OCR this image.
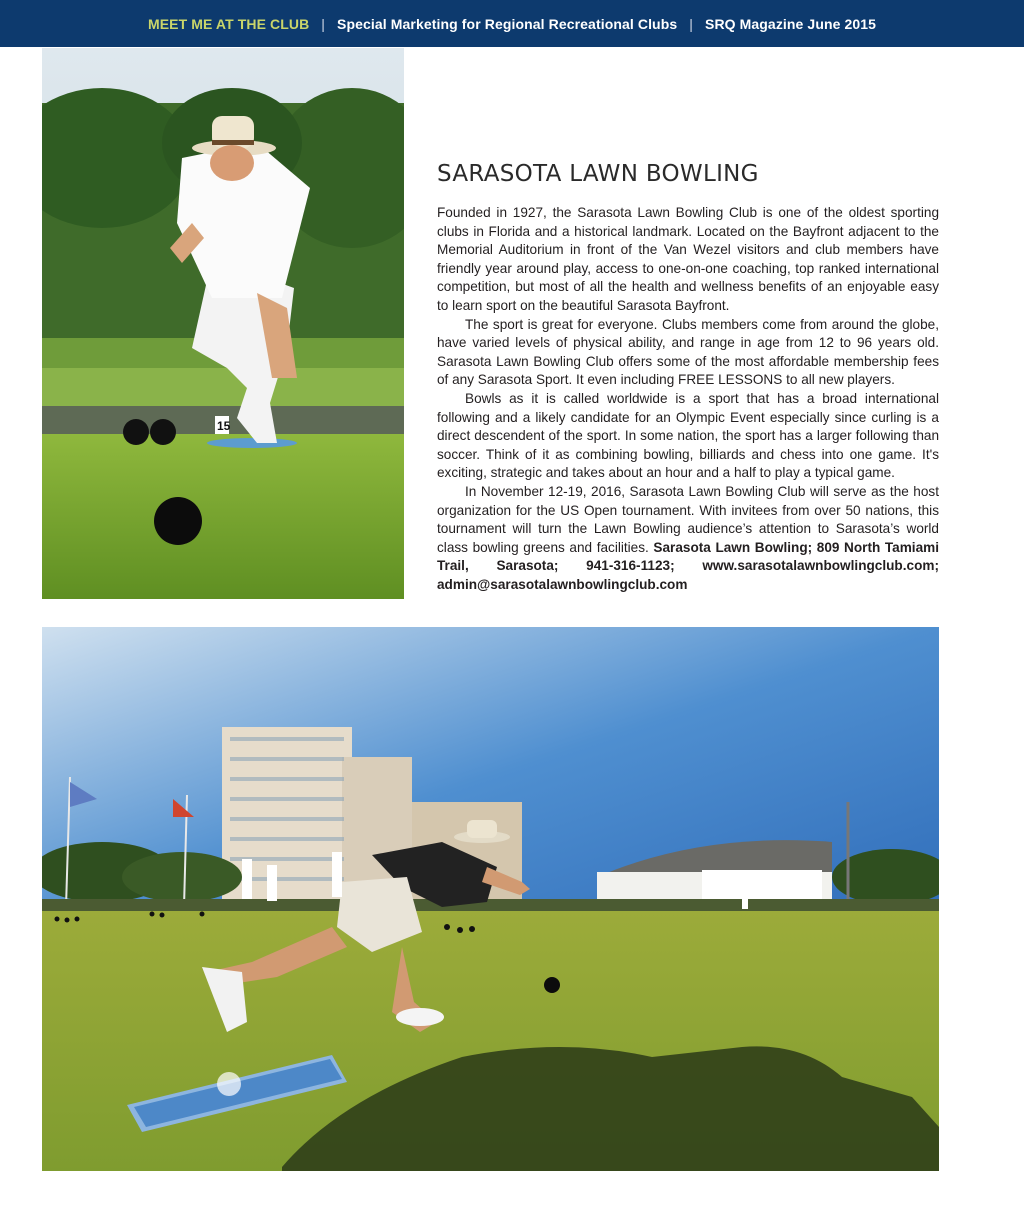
MEET ME AT THE CLUB | Special Marketing for Regional Recreational Clubs | SRQ Magazine June 2015
15
SARASOTA LAWN BOWLING

Founded in 1927, the Sarasota Lawn Bowling Club is one of the oldest sporting clubs in Florida and a historical landmark. Located on the Bayfront adjacent to the Memorial Auditorium in front of the Van Wezel visitors and club members have friendly year around play, access to one-on-one coaching, top ranked international competition, but most of all the health and wellness benefits of an enjoyable easy to learn sport on the beautiful Sarasota Bayfront.

The sport is great for everyone. Clubs members come from around the globe, have varied levels of physical ability, and range in age from 12 to 96 years old. Sarasota Lawn Bowling Club offers some of the most affordable membership fees of any Sarasota Sport. It even including FREE LESSONS to all new players.

Bowls as it is called worldwide is a sport that has a broad international following and a likely candidate for an Olympic Event especially since curling is a direct descendent of the sport. In some nation, the sport has a larger following than soccer. Think of it as combining bowling, billiards and chess into one game. It's exciting, strategic and takes about an hour and a half to play a typical game.

In November 12-19, 2016, Sarasota Lawn Bowling Club will serve as the host organization for the US Open tournament. With invitees from over 50 nations, this tournament will turn the Lawn Bowling audience’s attention to Sarasota’s world class bowling greens and facilities. Sarasota Lawn Bowling; 809 North Tamiami Trail, Sarasota; 941-316-1123; www.sarasotalawnbowlingclub.com; admin@sarasotalawnbowlingclub.com
